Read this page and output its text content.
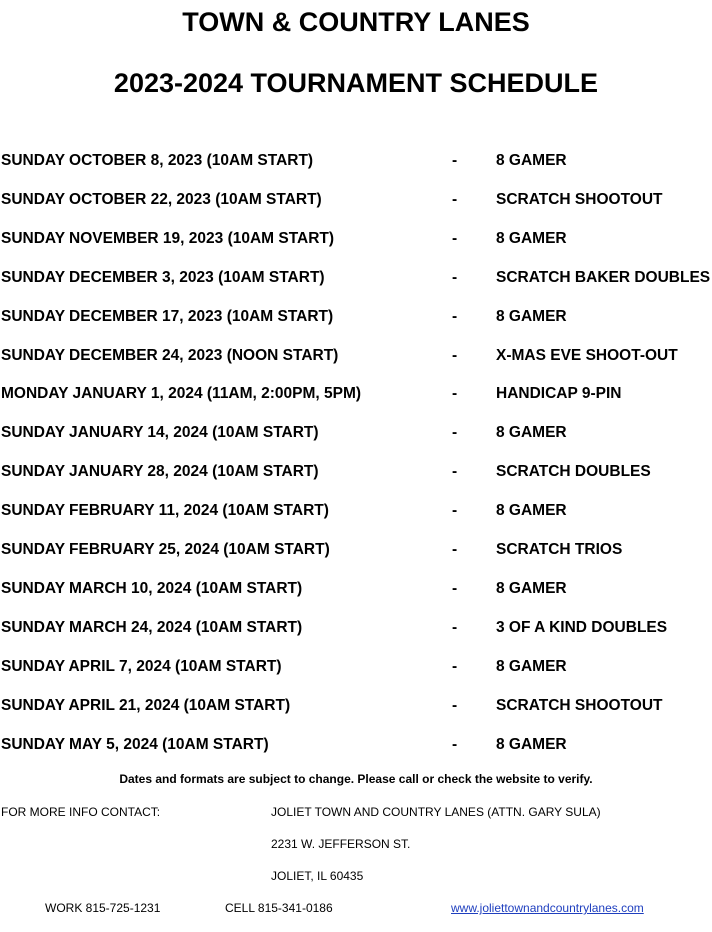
TOWN & COUNTRY LANES
2023-2024 TOURNAMENT SCHEDULE
SUNDAY OCTOBER 8, 2023 (10AM START)	-	8 GAMER
SUNDAY OCTOBER 22, 2023 (10AM START)	-	SCRATCH SHOOTOUT
SUNDAY NOVEMBER 19, 2023 (10AM START)	-	8 GAMER
SUNDAY DECEMBER 3, 2023 (10AM START)	-	SCRATCH BAKER DOUBLES
SUNDAY DECEMBER 17, 2023 (10AM START)	-	8 GAMER
SUNDAY DECEMBER 24, 2023 (NOON START)	-	X-MAS EVE SHOOT-OUT
MONDAY JANUARY 1, 2024 (11AM, 2:00PM, 5PM)	-	HANDICAP 9-PIN
SUNDAY JANUARY 14, 2024 (10AM START)	-	8 GAMER
SUNDAY JANUARY 28, 2024 (10AM START)	-	SCRATCH DOUBLES
SUNDAY FEBRUARY 11, 2024 (10AM START)	-	8 GAMER
SUNDAY FEBRUARY 25, 2024 (10AM START)	-	SCRATCH TRIOS
SUNDAY MARCH 10, 2024 (10AM START)	-	8 GAMER
SUNDAY MARCH 24, 2024 (10AM START)	-	3 OF A KIND DOUBLES
SUNDAY APRIL 7, 2024 (10AM START)	-	8 GAMER
SUNDAY APRIL 21, 2024 (10AM START)	-	SCRATCH SHOOTOUT
SUNDAY MAY 5, 2024 (10AM START)	-	8 GAMER
Dates and formats are subject to change. Please call or check the website to verify.
FOR MORE INFO CONTACT:	JOLIET TOWN AND COUNTRY LANES (ATTN. GARY SULA)
2231 W. JEFFERSON ST.
JOLIET, IL 60435
WORK 815-725-1231	CELL 815-341-0186	www.joliettownandcountrylanes.com
